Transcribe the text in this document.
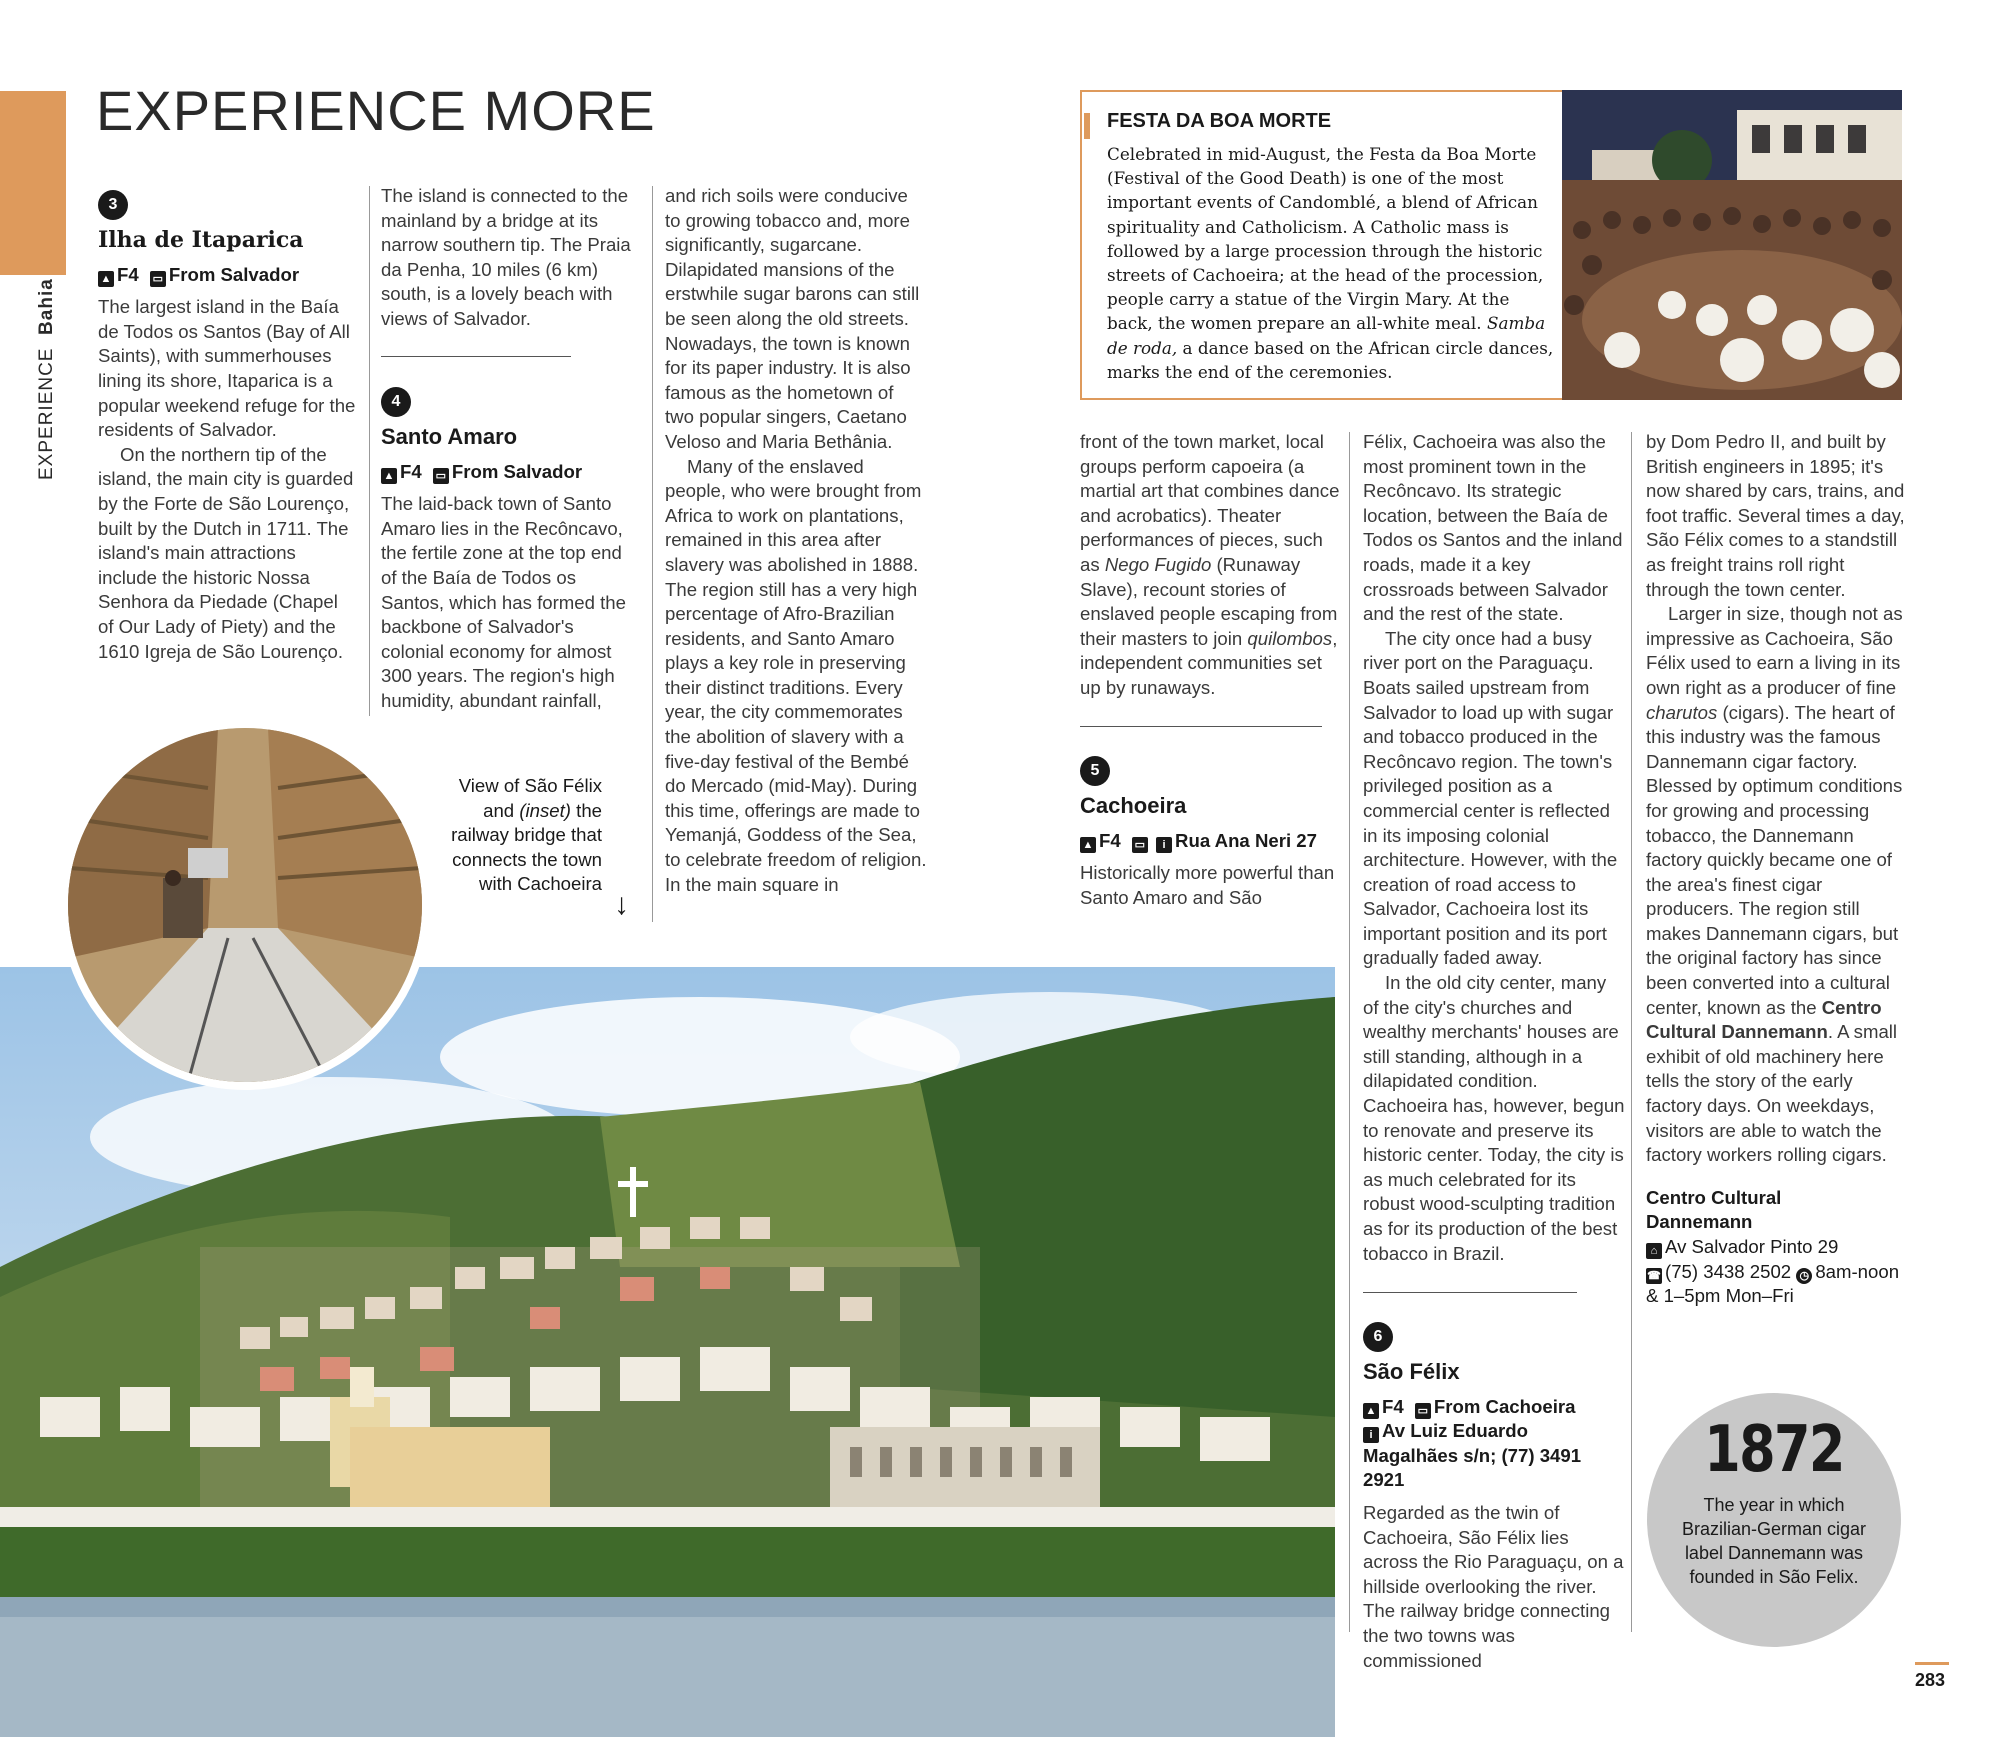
EXPERIENCE  Bahia
EXPERIENCE MORE
3
Ilha de Itaparica
▲ F4 ▭ From Salvador

The largest island in the Baía de Todos os Santos (Bay of All Saints), with summerhouses lining its shore, Itaparica is a popular weekend refuge for the residents of Salvador.

On the northern tip of the island, the main city is guarded by the Forte de São Lourenço, built by the Dutch in 1711. The island's main attractions include the historic Nossa Senhora da Piedade (Chapel of Our Lady of Piety) and the 1610 Igreja de São Lourenço.

The island is connected to the mainland by a bridge at its narrow southern tip. The Praia da Penha, 10 miles (6 km) south, is a lovely beach with views of Salvador.

4
Santo Amaro
▲ F4 ▭ From Salvador

The laid-back town of Santo Amaro lies in the Recôncavo, the fertile zone at the top end of the Baía de Todos os Santos, which has formed the backbone of Salvador's colonial economy for almost 300 years. The region's high humidity, abundant rainfall,

and rich soils were conducive to growing tobacco and, more significantly, sugarcane. Dilapidated mansions of the erstwhile sugar barons can still be seen along the old streets. Nowadays, the town is known for its paper industry. It is also famous as the hometown of two popular singers, Caetano Veloso and Maria Bethânia.

Many of the enslaved people, who were brought from Africa to work on plantations, remained in this area after slavery was abolished in 1888. The region still has a very high percentage of Afro-Brazilian residents, and Santo Amaro plays a key role in preserving their distinct traditions. Every year, the city commemorates the abolition of slavery with a five-day festival of the Bembé do Mercado (mid-May). During this time, offerings are made to Yemanjá, Goddess of the Sea, to celebrate freedom of religion. In the main square in

FESTA DA BOA MORTE
Celebrated in mid-August, the Festa da Boa Morte (Festival of the Good Death) is one of the most important events of Candomblé, a blend of African spirituality and Catholicism. A Catholic mass is followed by a large procession through the historic streets of Cachoeira; at the head of the procession, people carry a statue of the Virgin Mary. At the back, the women prepare an all-white meal. Samba de roda, a dance based on the African circle dances, marks the end of the ceremonies.

front of the town market, local groups perform capoeira (a martial art that combines dance and acrobatics). Theater performances of pieces, such as Nego Fugido (Runaway Slave), recount stories of enslaved people escaping from their masters to join quilombos, independent communities set up by runaways.

5
Cachoeira
▲ F4 ▭ i Rua Ana Neri 27

Historically more powerful than Santo Amaro and São

Félix, Cachoeira was also the most prominent town in the Recôncavo. Its strategic location, between the Baía de Todos os Santos and the inland roads, made it a key crossroads between Salvador and the rest of the state.

The city once had a busy river port on the Paraguaçu. Boats sailed upstream from Salvador to load up with sugar and tobacco produced in the Recôncavo region. The town's privileged position as a commercial center is reflected in its imposing colonial architecture. However, with the creation of road access to Salvador, Cachoeira lost its important position and its port gradually faded away.

In the old city center, many of the city's churches and wealthy merchants' houses are still standing, although in a dilapidated condition. Cachoeira has, however, begun to renovate and preserve its historic center. Today, the city is as much celebrated for its robust wood-sculpting tradition as for its production of the best tobacco in Brazil.

6
São Félix
▲ F4 ▭ From Cachoeira
i Av Luiz Eduardo Magalhães s/n; (77) 3491 2921

Regarded as the twin of Cachoeira, São Félix lies across the Rio Paraguaçu, on a hillside overlooking the river. The railway bridge connecting the two towns was commissioned

by Dom Pedro II, and built by British engineers in 1895; it's now shared by cars, trains, and foot traffic. Several times a day, São Félix comes to a standstill as freight trains roll right through the town center.

Larger in size, though not as impressive as Cachoeira, São Félix used to earn a living in its own right as a producer of fine charutos (cigars). The heart of this industry was the famous Dannemann cigar factory. Blessed by optimum conditions for growing and processing tobacco, the Dannemann factory quickly became one of the area's finest cigar producers. The region still makes Dannemann cigars, but the original factory has since been converted into a cultural center, known as the Centro Cultural Dannemann. A small exhibit of old machinery here tells the story of the early factory days. On weekdays, visitors are able to watch the factory workers rolling cigars.

Centro Cultural Dannemann
⌂ Av Salvador Pinto 29
☎ (75) 3438 2502 ◷ 8am-noon & 1–5pm Mon–Fri
View of São Félix and (inset) the railway bridge that connects the town with Cachoeira
↓
1872
The year in which Brazilian-German cigar label Dannemann was founded in São Felix.
283
